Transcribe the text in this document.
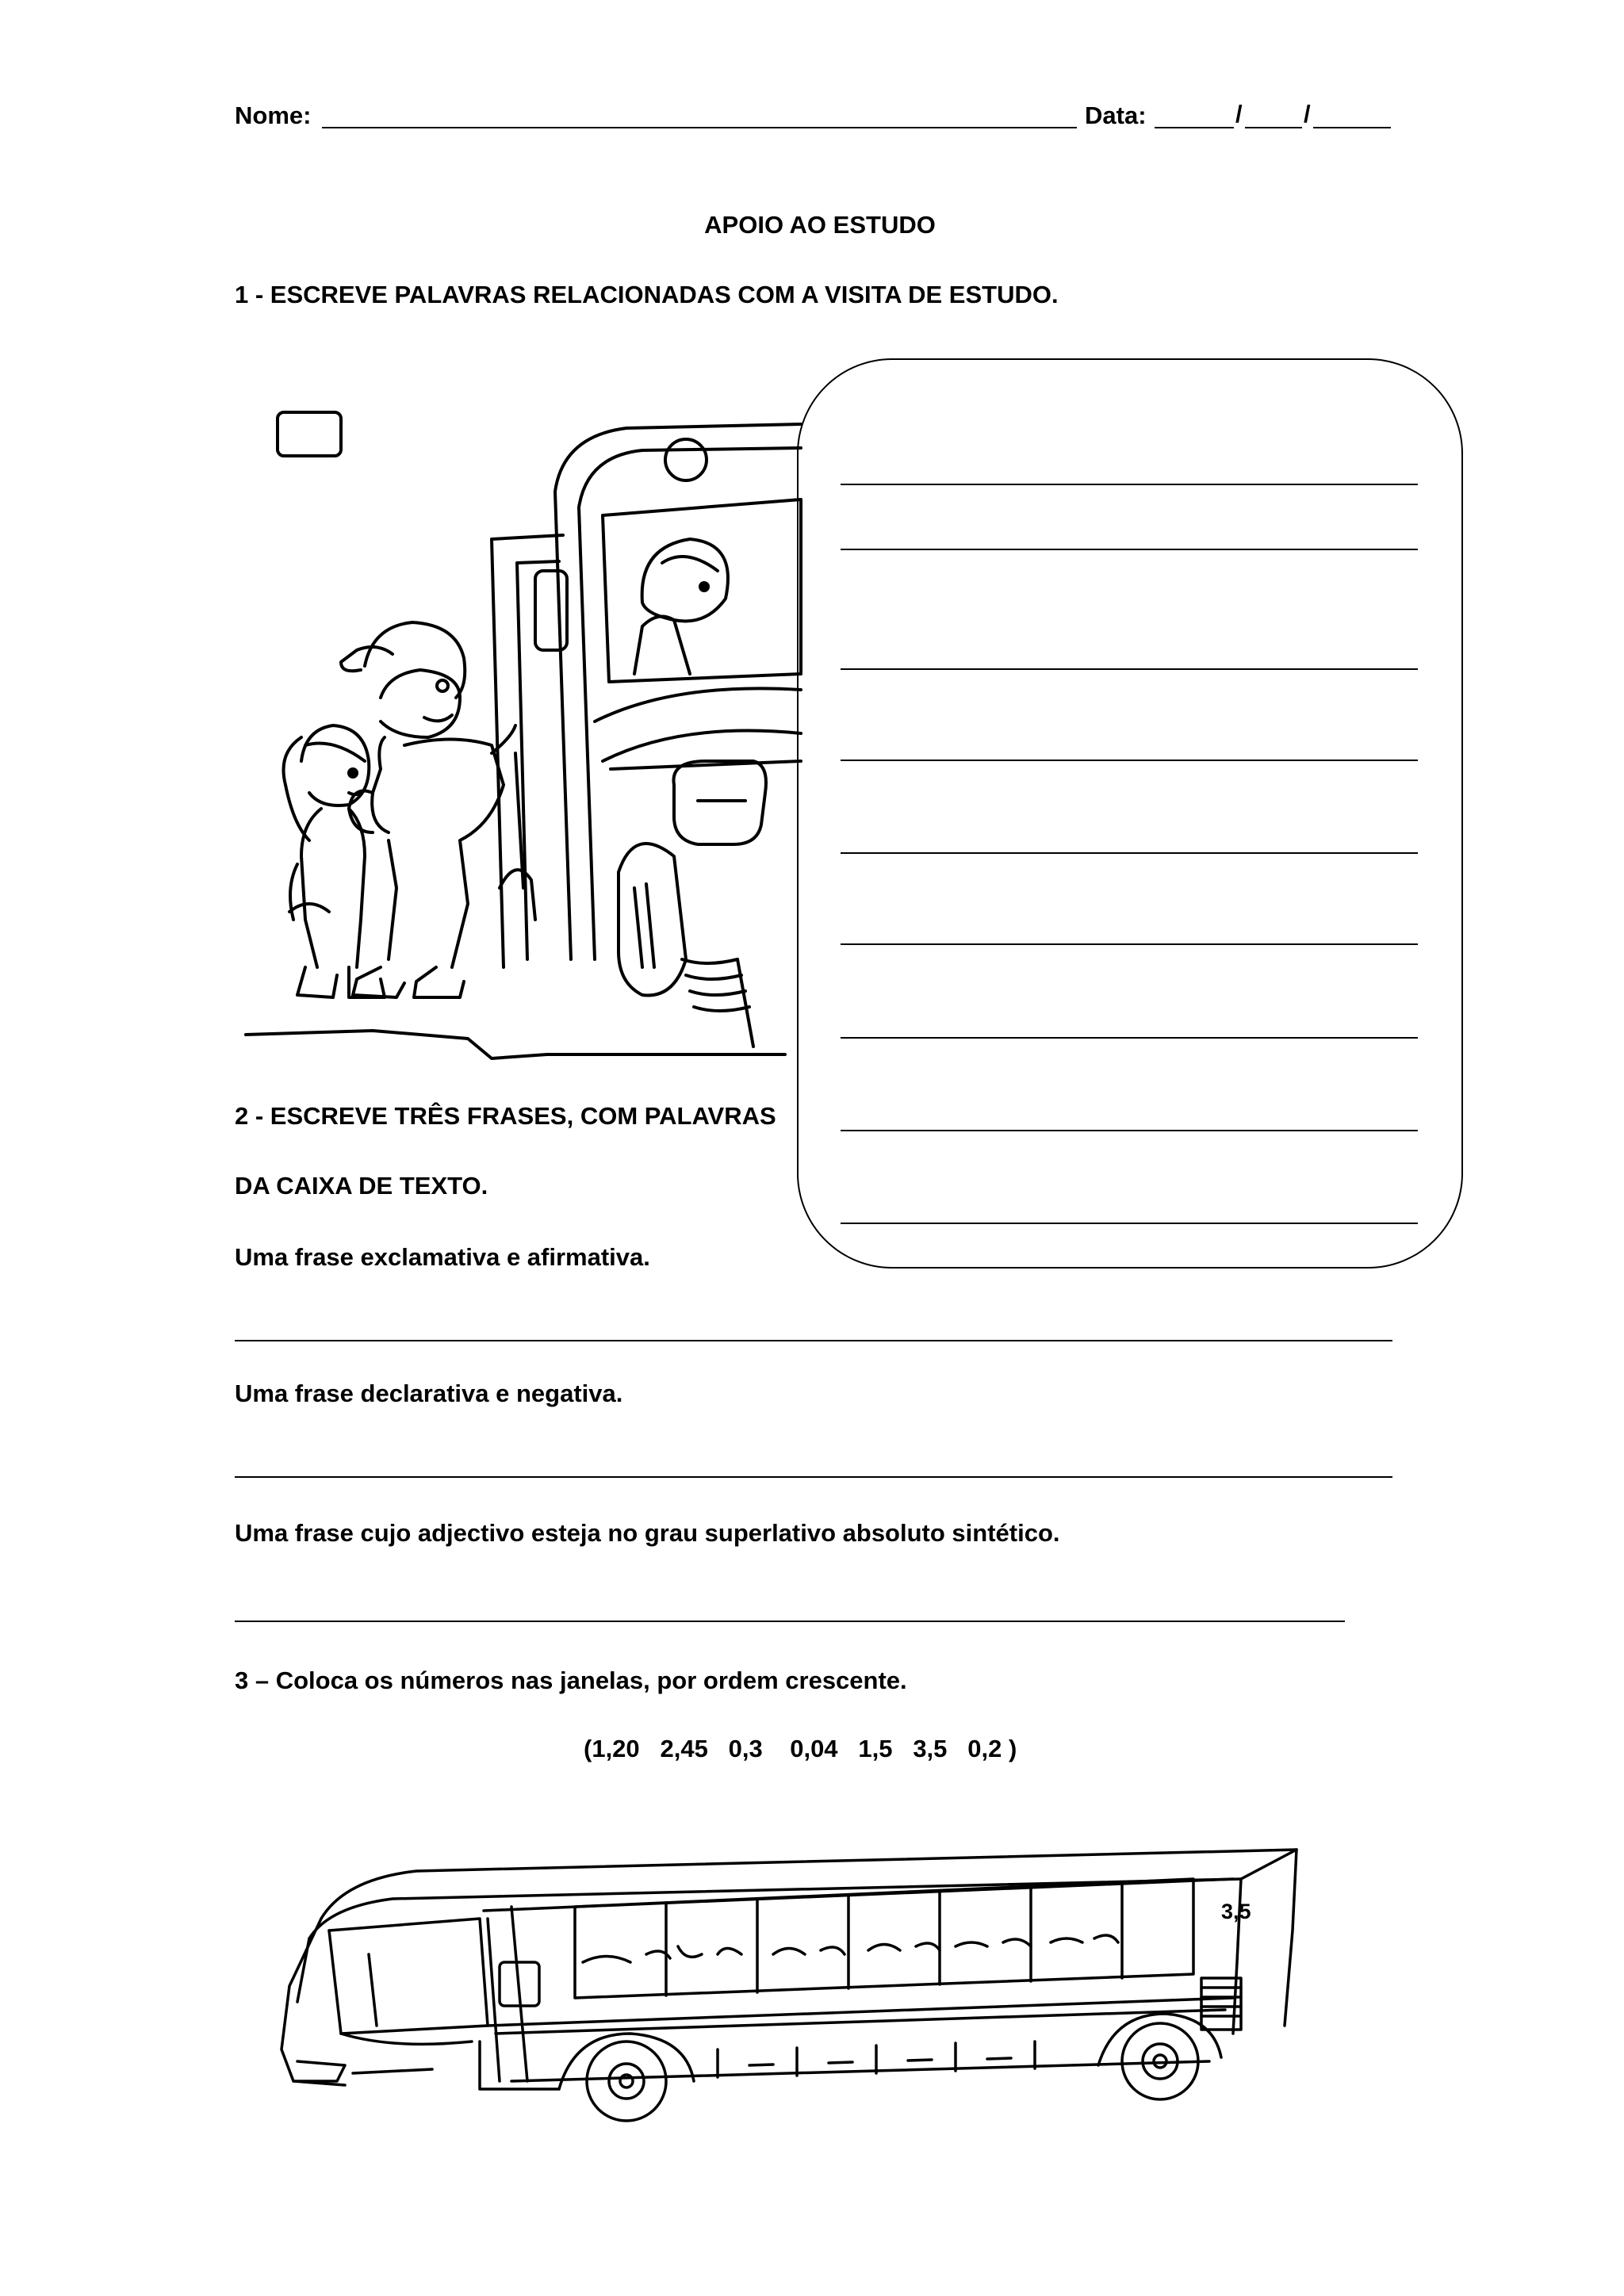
Nome:	Data:	/ /
APOIO AO ESTUDO
1 - ESCREVE PALAVRAS RELACIONADAS COM A VISITA DE ESTUDO.
2 - ESCREVE TRÊS FRASES, COM PALAVRAS
DA CAIXA DE TEXTO.
Uma frase exclamativa e afirmativa.
Uma frase declarativa e negativa.
Uma frase cujo adjectivo esteja no grau superlativo absoluto sintético.
3 – Coloca os números nas janelas, por ordem crescente.
(1,20   2,45   0,3    0,04   1,5   3,5   0,2 )
3,5
